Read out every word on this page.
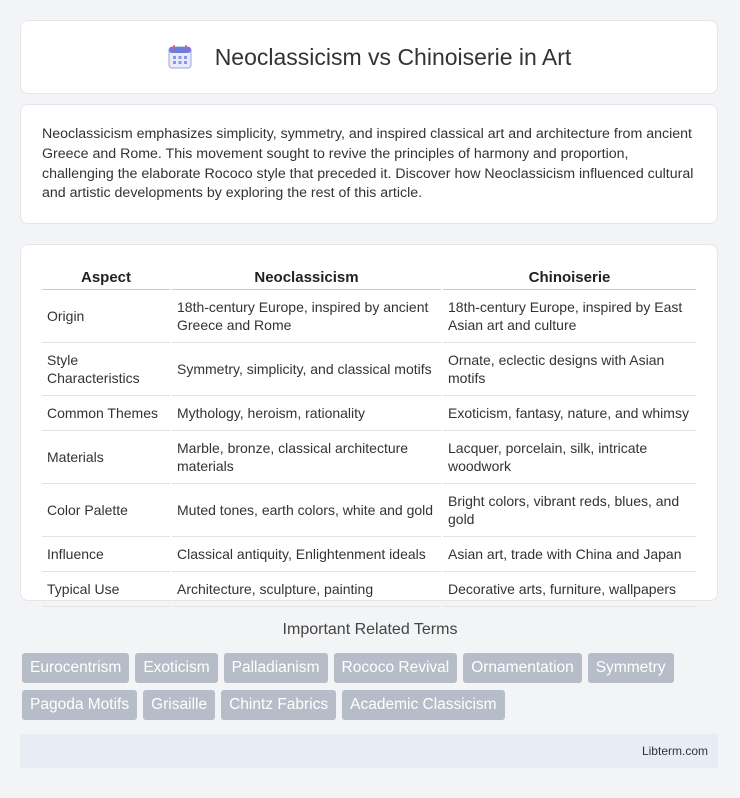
Neoclassicism vs Chinoiserie in Art
Neoclassicism emphasizes simplicity, symmetry, and inspired classical art and architecture from ancient Greece and Rome. This movement sought to revive the principles of harmony and proportion, challenging the elaborate Rococo style that preceded it. Discover how Neoclassicism influenced cultural and artistic developments by exploring the rest of this article.
Aspect	Neoclassicism	Chinoiserie
Origin	18th-century Europe, inspired by ancient Greece and Rome	18th-century Europe, inspired by East Asian art and culture
Style Characteristics	Symmetry, simplicity, and classical motifs	Ornate, eclectic designs with Asian motifs
Common Themes	Mythology, heroism, rationality	Exoticism, fantasy, nature, and whimsy
Materials	Marble, bronze, classical architecture materials	Lacquer, porcelain, silk, intricate woodwork
Color Palette	Muted tones, earth colors, white and gold	Bright colors, vibrant reds, blues, and gold
Influence	Classical antiquity, Enlightenment ideals	Asian art, trade with China and Japan
Typical Use	Architecture, sculpture, painting	Decorative arts, furniture, wallpapers
Important Related Terms
Eurocentrism	Exoticism	Palladianism	Rococo Revival	Ornamentation	Symmetry
Pagoda Motifs	Grisaille	Chintz Fabrics	Academic Classicism
Libterm.com
